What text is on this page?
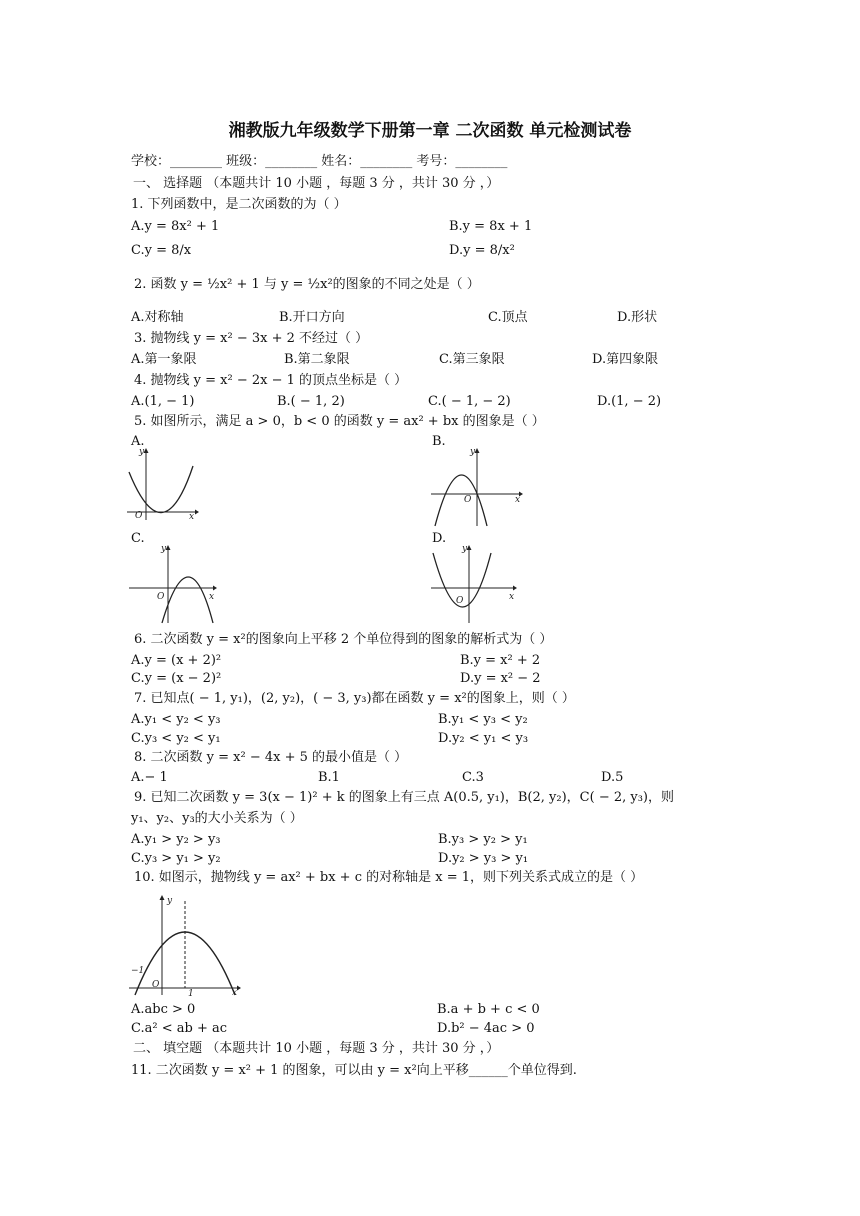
湘教版九年级数学下册第一章 二次函数 单元检测试卷
学校：________ 班级：________ 姓名：________ 考号：________
一、 选择题 （本题共计 10 小题 ，每题 3 分 ，共计 30 分 ，）
1. 下列函数中，是二次函数的为（ ）
A.y = 8x² + 1	B.y = 8x + 1
C.y = 8/x	D.y = 8/x²
2. 函数 y = ½x² + 1 与 y = ½x²的图象的不同之处是（ ）
A.对称轴	B.开口方向	C.顶点	D.形状
3. 抛物线 y = x² − 3x + 2 不经过（ ）
A.第一象限	B.第二象限	C.第三象限	D.第四象限
4. 抛物线 y = x² − 2x − 1 的顶点坐标是（ ）
A.(1, − 1)	B.( − 1, 2)	C.( − 1, − 2)	D.(1, − 2)
5. 如图所示，满足 a > 0，b < 0 的函数 y = ax² + bx 的图象是（ ）
A.	B.
y
O	x
y
O	x
C.	D.
y
O	x
y
O	x
6. 二次函数 y = x²的图象向上平移 2 个单位得到的图象的解析式为（ ）
A.y = (x + 2)²	B.y = x² + 2
C.y = (x − 2)²	D.y = x² − 2
7. 已知点( − 1, y₁)，(2, y₂)，( − 3, y₃)都在函数 y = x²的图象上，则（ ）
A.y₁ < y₂ < y₃	B.y₁ < y₃ < y₂
C.y₃ < y₂ < y₁	D.y₂ < y₁ < y₃
8. 二次函数 y = x² − 4x + 5 的最小值是（ ）
A.− 1	B.1	C.3	D.5
9. 已知二次函数 y = 3(x − 1)² + k 的图象上有三点 A(0.5, y₁)，B(2, y₂)，C( − 2, y₃)，则
y₁、y₂、y₃的大小关系为（ ）
A.y₁ > y₂ > y₃	B.y₃ > y₂ > y₁
C.y₃ > y₁ > y₂	D.y₂ > y₃ > y₁
10. 如图示，抛物线 y = ax² + bx + c 的对称轴是 x = 1，则下列关系式成立的是（ ）
y
−1
O
1	x
A.abc > 0	B.a + b + c < 0
C.a² < ab + ac	D.b² − 4ac > 0
二、 填空题 （本题共计 10 小题 ，每题 3 分 ，共计 30 分 ，）
11. 二次函数 y = x² + 1 的图象，可以由 y = x²向上平移______个单位得到.
